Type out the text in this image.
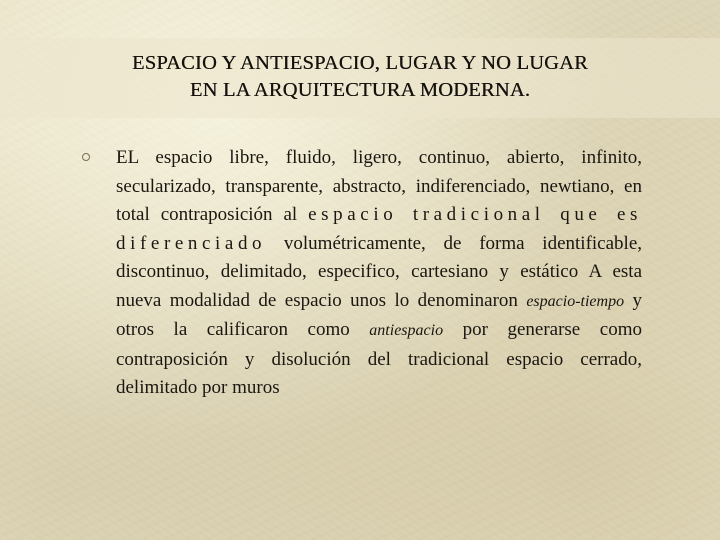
ESPACIO Y ANTIESPACIO, LUGAR Y NO LUGAR
EN LA ARQUITECTURA MODERNA.
EL espacio libre, fluido, ligero, continuo, abierto, infinito, secularizado, transparente, abstracto, indiferenciado, newtiano, en total contraposición al espacio tradicional que es diferenciado volumétricamente, de forma identificable, discontinuo, delimitado, especifico, cartesiano y estático A esta nueva modalidad de espacio unos lo denominaron espacio-tiempo y otros la calificaron como antiespacio por generarse como contraposición y disolución del tradicional espacio cerrado, delimitado por muros
